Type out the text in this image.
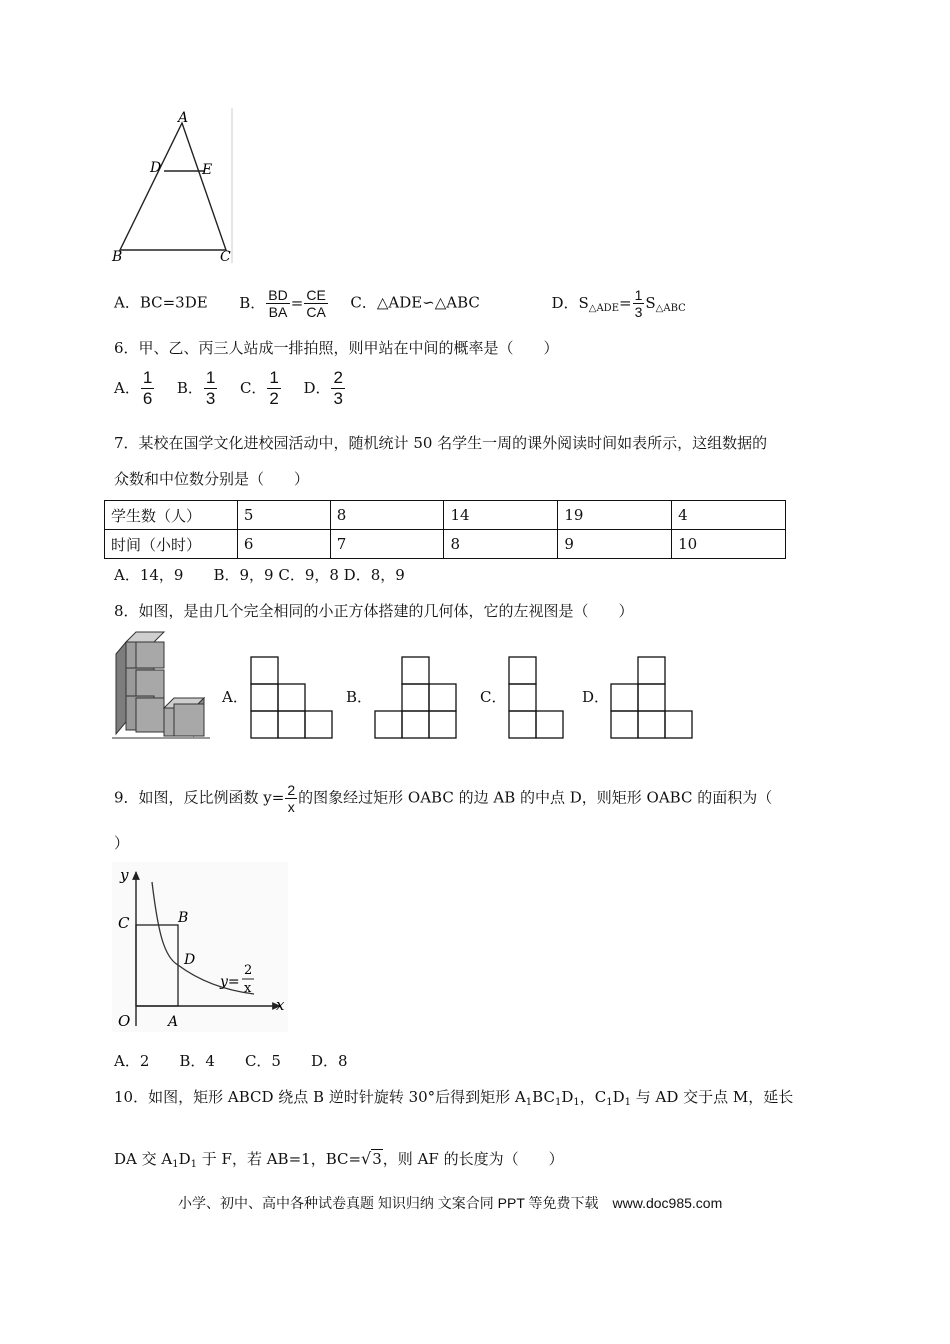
A
D	E
B	C
A．BC=3DE B． $\frac{BD}{BA} = \frac{CE}{CA}$ C．△ADE∽△ABC	D．$S_{\triangle ADE}= \frac{1}{3} S_{\triangle ABC}$
6．甲、乙、丙三人站成一排拍照，则甲站在中间的概率是（　　）
A． $\frac{1}{6}$ B． $\frac{1}{3}$ C． $\frac{1}{2}$ D． $\frac{2}{3}$
7．某校在国学文化进校园活动中，随机统计 50 名学生一周的课外阅读时间如表所示，这组数据的
众数和中位数分别是（　　）
学生数（人）	5	8	14	19	4
时间（小时）	6	7	8	9	10
A．14，9　　B．9，9 C．9，8 D．8，9
8．如图，是由几个完全相同的小正方体搭建的几何体，它的左视图是（　　）
A．	B．	C．	D．
9．如图，反比例函数 $y= \frac{2}{x}$ 的图象经过矩形 OABC 的边 AB 的中点 D，则矩形 OABC 的面积为（
）
y
x
O	A
B
C
D
y=
2
x
A．2　　B．4　　C．5　　D．8
10．如图，矩形 ABCD 绕点 B 逆时针旋转 30°后得到矩形 $A_1BC_1D_1$，$C_1D_1$ 与 AD 交于点 M，延长
DA 交 $A_1D_1$ 于 F，若 AB=1，BC=√3，则 AF 的长度为（　　）
小学、初中、高中各种试卷真题 知识归纳 文案合同 PPT 等免费下载　www.doc985.com
